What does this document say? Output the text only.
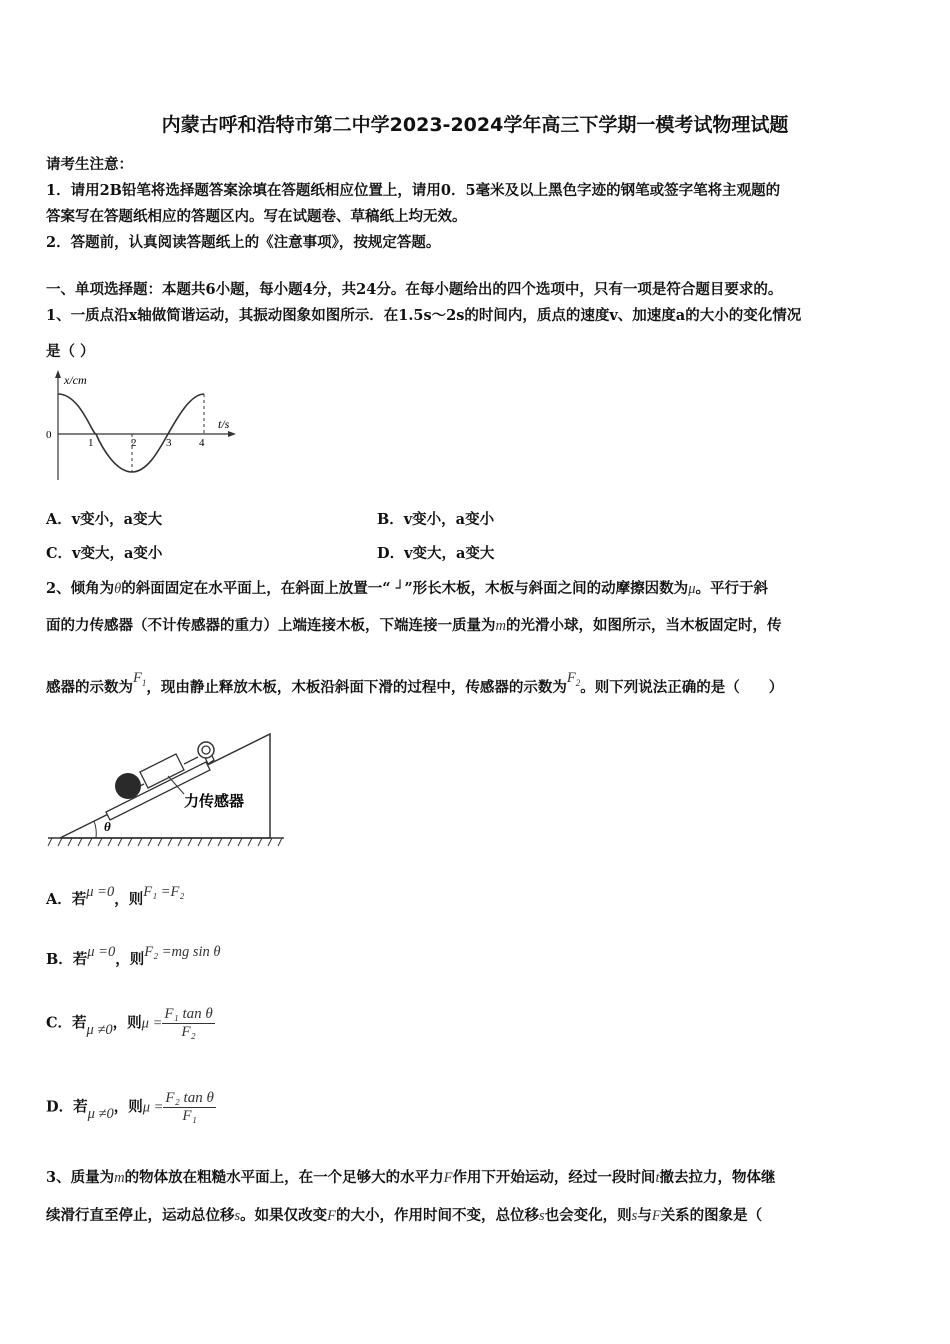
内蒙古呼和浩特市第二中学2023-2024学年高三下学期一模考试物理试题
请考生注意：
1．请用2B铅笔将选择题答案涂填在答题纸相应位置上，请用0．5毫米及以上黑色字迹的钢笔或签字笔将主观题的
答案写在答题纸相应的答题区内。写在试题卷、草稿纸上均无效。
2．答题前，认真阅读答题纸上的《注意事项》，按规定答题。
一、单项选择题：本题共6小题，每小题4分，共24分。在每小题给出的四个选项中，只有一项是符合题目要求的。
1、一质点沿x轴做简谐运动，其振动图象如图所示．在1.5s～2s的时间内，质点的速度v、加速度a的大小的变化情况
是（ ）
x/cm
t/s
0
1	2	3	4
A．v变小，a变大	B．v变小，a变小
C．v变大，a变小	D．v变大，a变大
2、倾角为θ的斜面固定在水平面上，在斜面上放置一“ ┘”形长木板，木板与斜面之间的动摩擦因数为μ。平行于斜
面的力传感器（不计传感器的重力）上端连接木板，下端连接一质量为m的光滑小球，如图所示，当木板固定时，传
感器的示数为$F_1$，现由静止释放木板，木板沿斜面下滑的过程中，传感器的示数为$F_2$。则下列说法正确的是（　　）
θ
力传感器
A．若μ =0，则F₁ =F₂
B．若μ =0，则F₂ =mg sin θ
C．若μ ≠0，则$\mu = \frac{\text{F₁ tan θ}}{\text{F₂}}$
D．若μ ≠0，则$\mu = \frac{\text{F₂ tan θ}}{\text{F₁}}$
3、质量为m的物体放在粗糙水平面上，在一个足够大的水平力F作用下开始运动，经过一段时间t撤去拉力，物体继
续滑行直至停止，运动总位移s。如果仅改变F的大小，作用时间不变，总位移s也会变化，则s与F关系的图象是（
